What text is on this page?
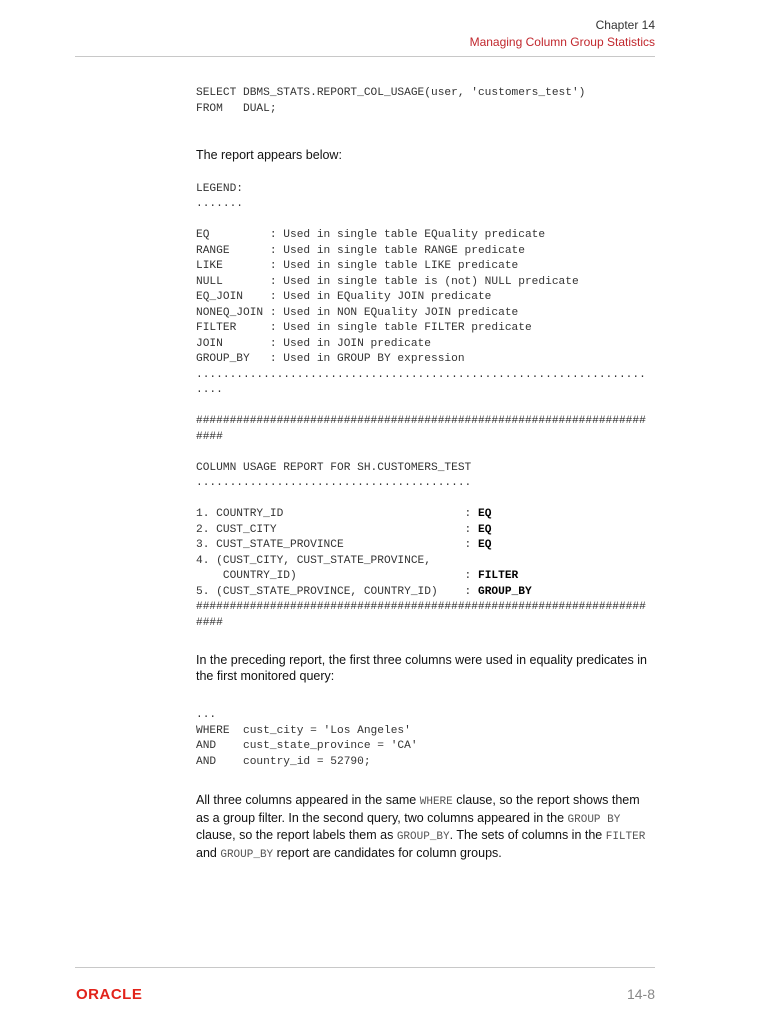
Chapter 14
Managing Column Group Statistics
SELECT DBMS_STATS.REPORT_COL_USAGE(user, 'customers_test')
FROM   DUAL;

The report appears below:

LEGEND:
.......

EQ         : Used in single table EQuality predicate
RANGE      : Used in single table RANGE predicate
LIKE       : Used in single table LIKE predicate
NULL       : Used in single table is (not) NULL predicate
EQ_JOIN    : Used in EQuality JOIN predicate
NONEQ_JOIN : Used in NON EQuality JOIN predicate
FILTER     : Used in single table FILTER predicate
JOIN       : Used in JOIN predicate
GROUP_BY   : Used in GROUP BY expression
...................................................................
....

###################################################################
####

COLUMN USAGE REPORT FOR SH.CUSTOMERS_TEST
.........................................

1. COUNTRY_ID                           : EQ
2. CUST_CITY                            : EQ
3. CUST_STATE_PROVINCE                  : EQ
4. (CUST_CITY, CUST_STATE_PROVINCE,
COUNTRY_ID)                         : FILTER
5. (CUST_STATE_PROVINCE, COUNTRY_ID)    : GROUP_BY
###################################################################
####

In the preceding report, the first three columns were used in equality predicates in the first monitored query:

...
WHERE  cust_city = 'Los Angeles'
AND    cust_state_province = 'CA'
AND    country_id = 52790;

All three columns appeared in the same WHERE clause, so the report shows them as a group filter. In the second query, two columns appeared in the GROUP BY clause, so the report labels them as GROUP_BY. The sets of columns in the FILTER and GROUP_BY report are candidates for column groups.

ORACLE	14-8
